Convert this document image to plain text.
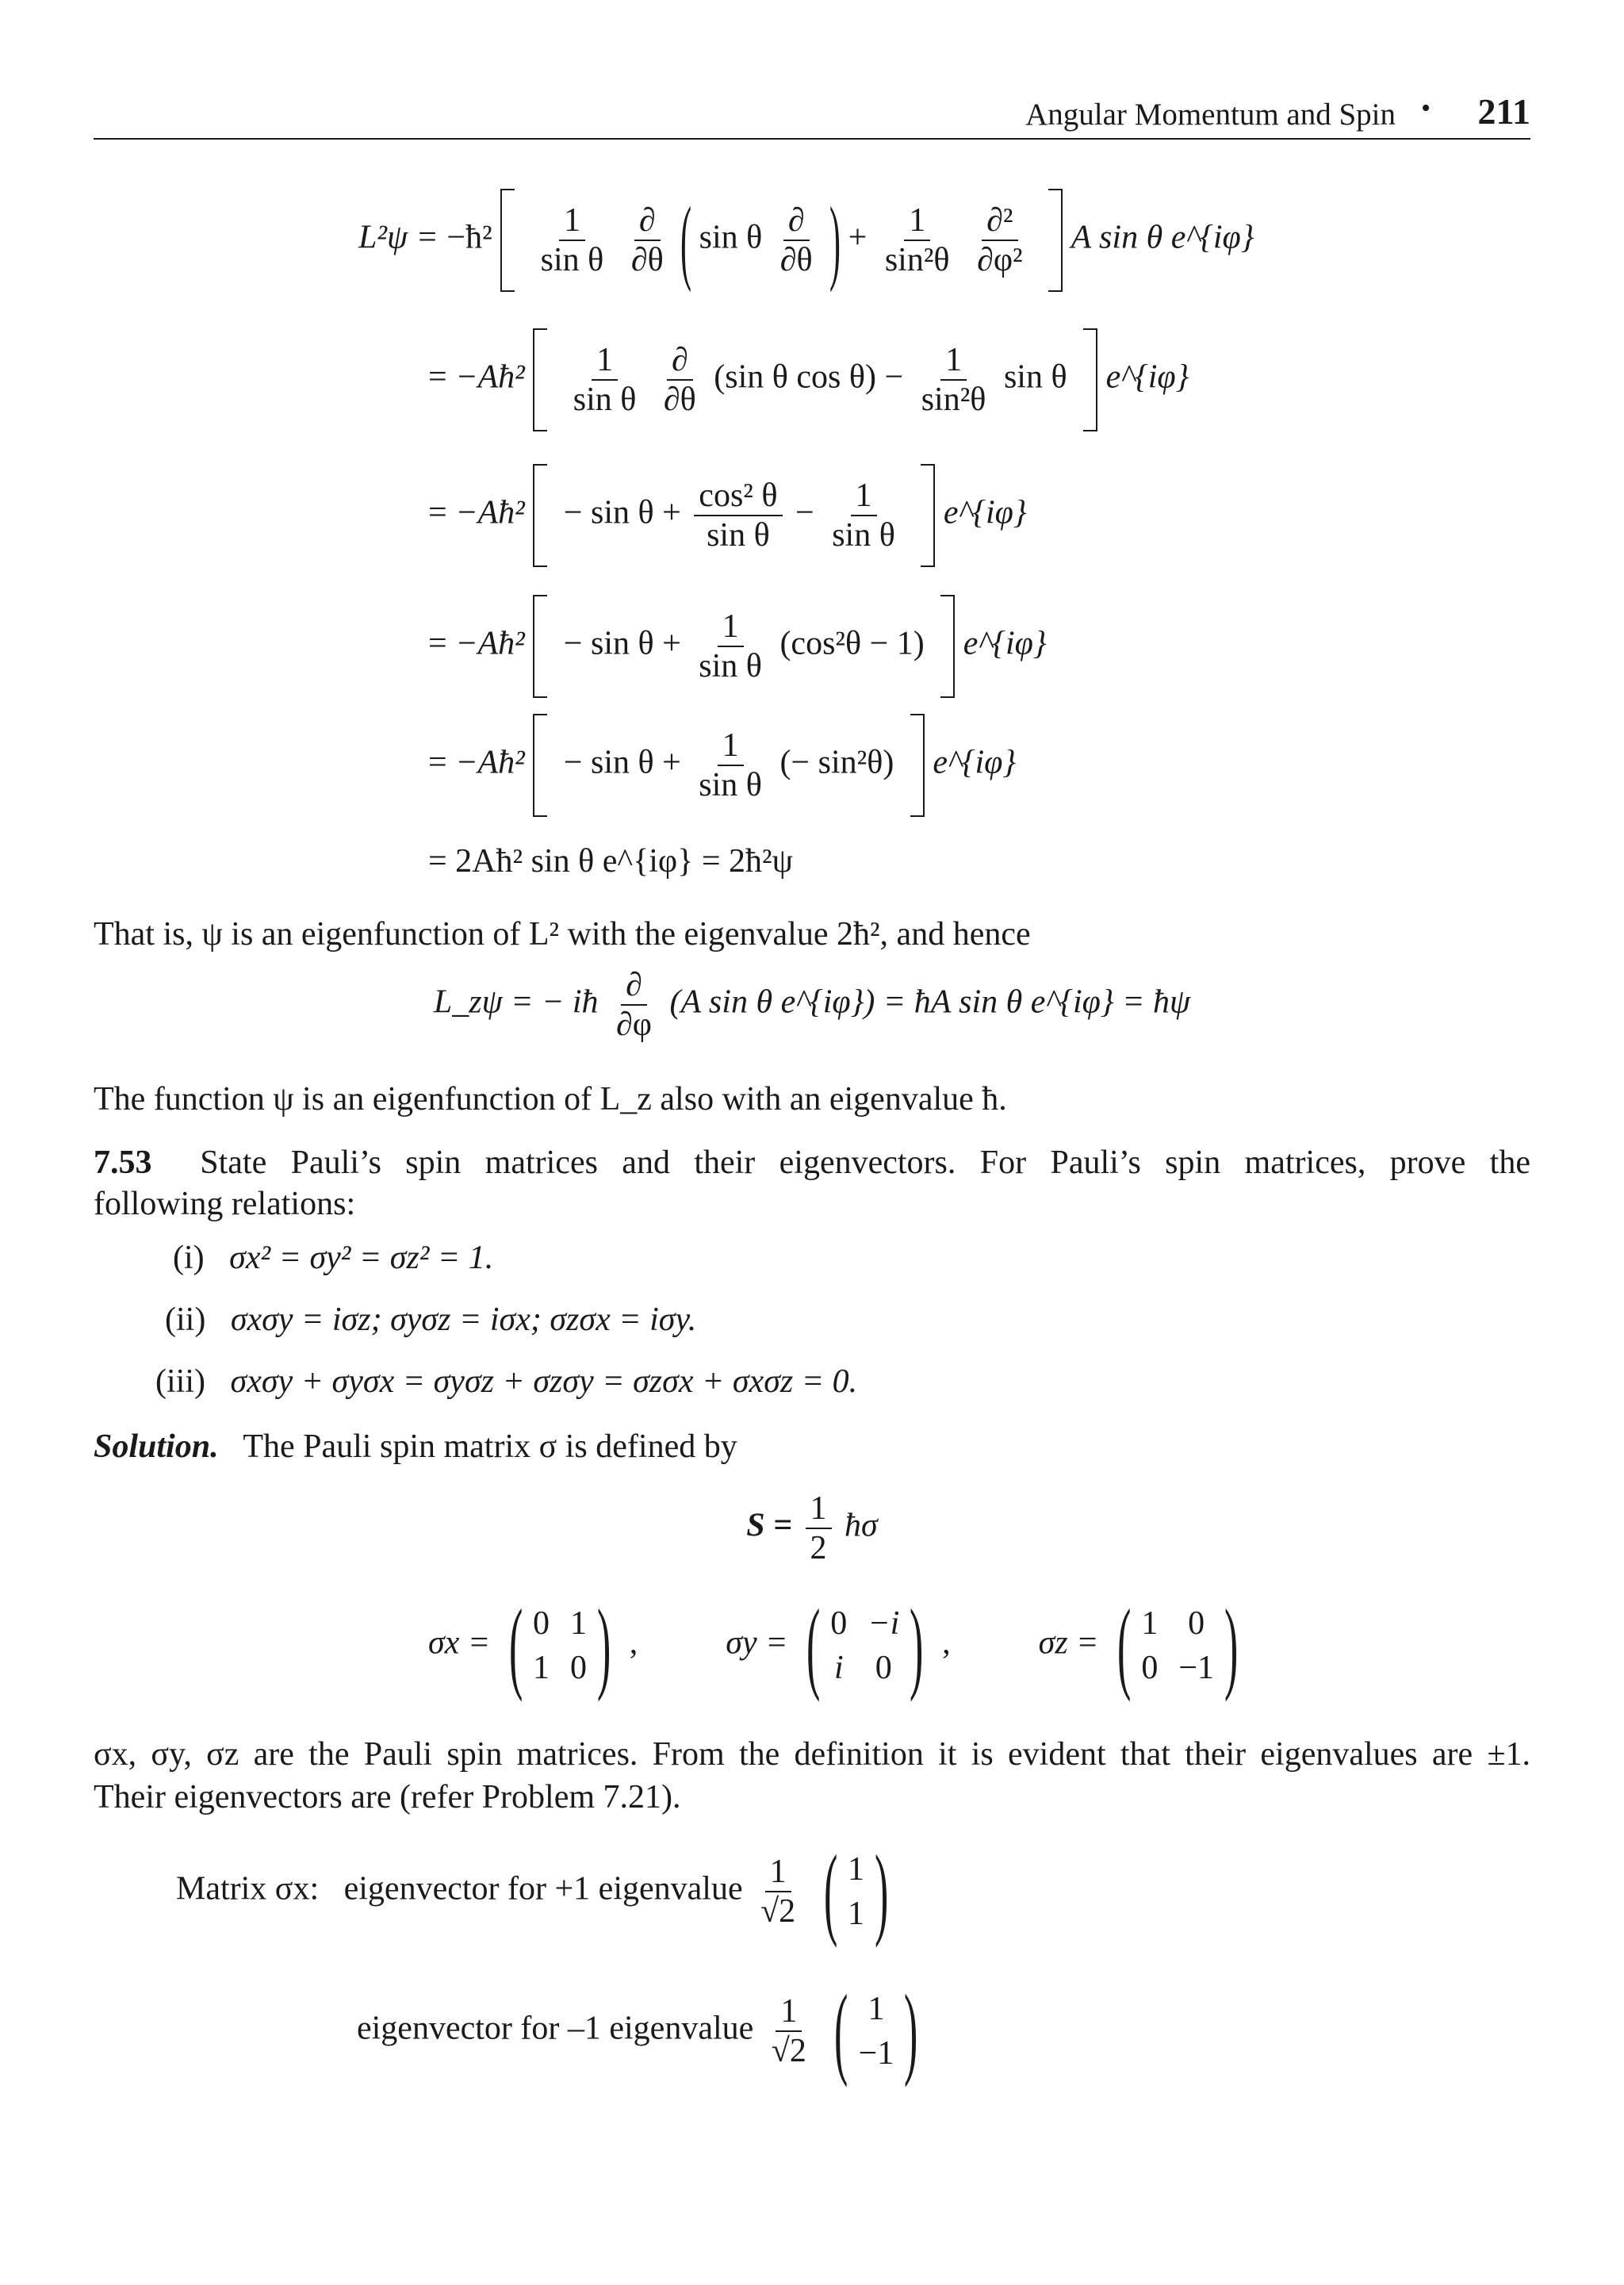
Angular Momentum and Spin • 211
L²ψ = −ħ² $\frac{1}{\text{sin θ}}$
$\frac{\partial}{\partial\theta}$ ( sin θ $\frac{\partial}{\partial\theta}$ ) + $\frac{1}{\text{sin²θ}}$
$\frac{\text{∂²}}{\text{∂φ²}}$ A sin θ e^{iφ}
= −Aħ² $\frac{1}{\text{sin θ}}$
$\frac{\partial}{\partial\theta} (\sin$ θ $\cos \theta) - \frac{1}{\text{sin²θ}}$ sin θ e^{iφ}
= −Aħ² − $\sin \theta + \frac{\text{cos² θ}}{\text{sin θ}} - \frac{1}{\text{sin θ}}$ e^{iφ}
= −Aħ² − $\sin \theta + \frac{1}{\text{sin θ}} (\cos^2\theta - 1)$ e^{iφ}
= −Aħ² − $\sin \theta + \frac{1}{\text{sin θ}}$ (− sin²θ) e^{iφ}
= 2Aħ² sin θ e^{iφ} = 2ħ²ψ
That is, ψ is an eigenfunction of L² with the eigenvalue 2ħ², and hence
L_zψ = − iħ $\frac{\partial}{\partial\varphi} (A$ sin θ e^{iφ}) = ħA sin θ e^{iφ} = ħψ
The function ψ is an eigenfunction of L_z also with an eigenvalue ħ.
7.53 State Pauli’s spin matrices and their eigenvectors. For Pauli’s spin matrices, prove the
following relations:
(i) σx² = σy² = σz² = 1.
(ii) σxσy = iσz; σyσz = iσx; σzσx = iσy.
(iii) σxσy + σyσx = σyσz + σzσy = σzσx + σxσz = 0.
Solution. The Pauli spin matrix σ is defined by
$S = \frac{1}{2}$ ħσ
σx = ( 0 1
1 0 ) ,	σy = ( 0 −i
i 0 ) ,	σz = ( 1 0
0 −1 )
σx, σy, σz are the Pauli spin matrices. From the definition it is evident that their eigenvalues are ±1.
Their eigenvectors are (refer Problem 7.21).
Matrix σx: eigenvector for +1 eigenvalue $\frac{1}{√2}$
( 1
1 )
eigenvector for –1 eigenvalue $\frac{1}{√2}$
( 1
−1 )
